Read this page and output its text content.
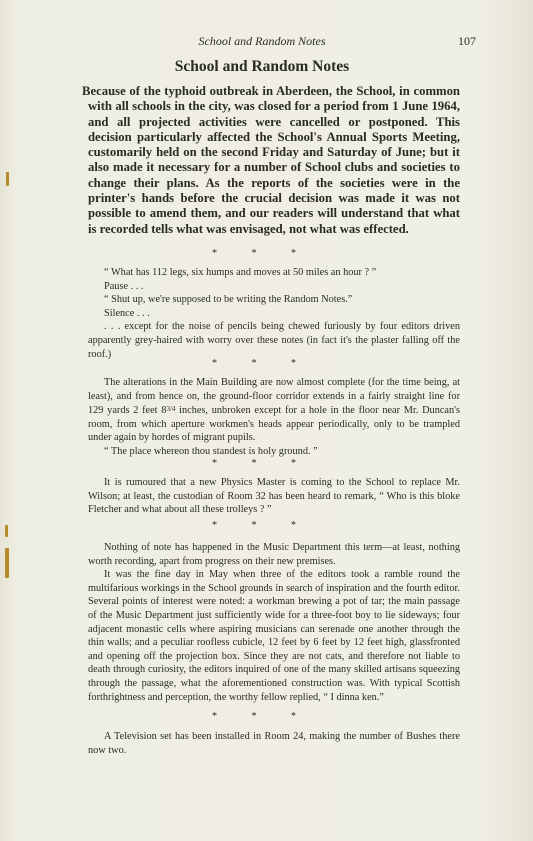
School and Random Notes	107
School and Random Notes
Because of the typhoid outbreak in Aberdeen, the School, in common with all schools in the city, was closed for a period from 1 June 1964, and all projected activities were cancelled or postponed. This decision particularly affected the School's Annual Sports Meeting, customarily held on the second Friday and Saturday of June; but it also made it necessary for a number of School clubs and societies to change their plans. As the reports of the societies were in the printer's hands before the crucial decision was made it was not possible to amend them, and our readers will understand that what is recorded tells what was envisaged, not what was effected.
* * *

“ What has 112 legs, six humps and moves at 50 miles an hour ? ”

Pause . . .

“ Shut up, we're supposed to be writing the Random Notes.”

Silence . . .

. . . except for the noise of pencils being chewed furiously by four editors driven apparently grey-haired with worry over these notes (in fact it's the plaster falling off the roof.)

* * *

The alterations in the Main Building are now almost complete (for the time being, at least), and from hence on, the ground-floor corridor extends in a fairly straight line for 129 yards 2 feet 83/4 inches, unbroken except for a hole in the floor near Mr. Duncan's room, from which aperture workmen's heads appear periodically, only to be trampled under again by hordes of migrant pupils.

“ The place whereon thou standest is holy ground. ”

* * *

It is rumoured that a new Physics Master is coming to the School to replace Mr. Wilson; at least, the custodian of Room 32 has been heard to remark, “ Who is this bloke Fletcher and what about all these trolleys ? ”

* * *

Nothing of note has happened in the Music Department this term—at least, nothing worth recording, apart from progress on their new premises.

It was the fine day in May when three of the editors took a ramble round the multifarious workings in the School grounds in search of inspiration and the fourth editor. Several points of interest were noted: a workman brewing a pot of tar; the main passage of the Music Department just sufficiently wide for a three-foot boy to lie sideways; four adjacent monastic cells where aspiring musicians can serenade one another through the thin walls; and a peculiar roofless cubicle, 12 feet by 6 feet by 12 feet high, glassfronted and opening off the projection box. Since they are not cats, and therefore not liable to death through curiosity, the editors inquired of one of the many skilled artisans squeezing through the passage, what the aforementioned construction was. With typical Scottish forthrightness and perception, the worthy fellow replied, “ I dinna ken.”

* * *

A Television set has been installed in Room 24, making the number of Bushes there now two.
